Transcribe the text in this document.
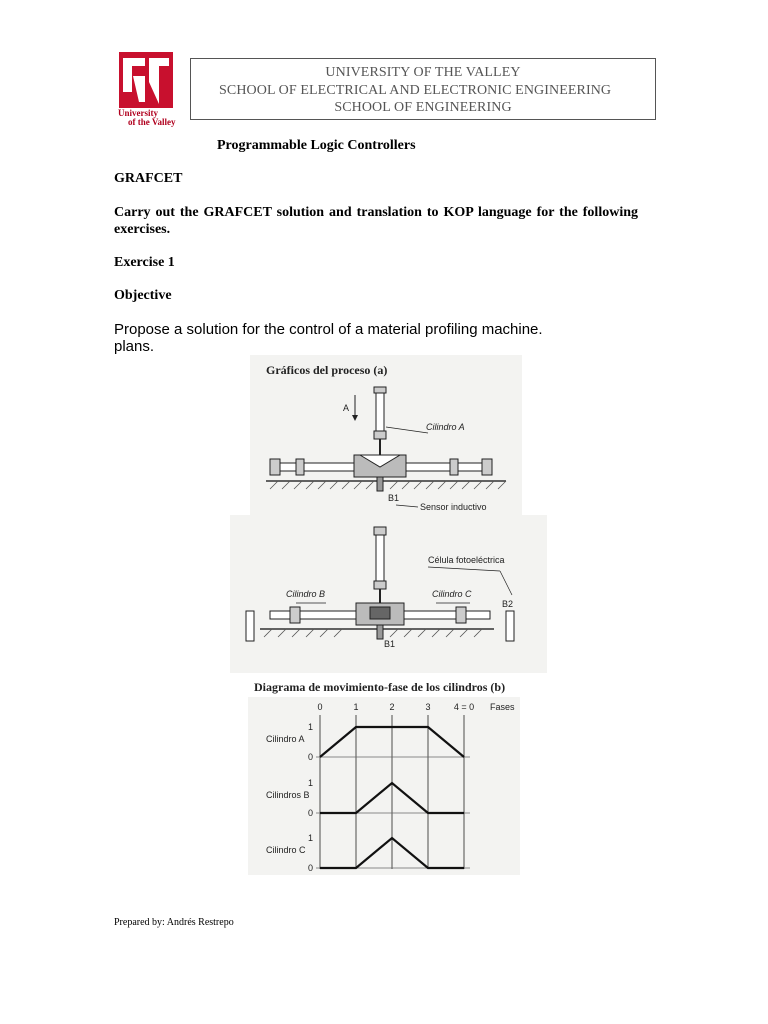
University
of the Valley
UNIVERSITY OF THE VALLEY
SCHOOL OF ELECTRICAL AND ELECTRONIC ENGINEERING
SCHOOL OF ENGINEERING
Programmable Logic Controllers
GRAFCET
Carry out the GRAFCET solution and translation to KOP language for the following exercises.
Exercise 1
Objective
Propose a solution for the control of a material profiling machine.
plans.
Gráficos del proceso (a)
A
Cilindro A
B1
Sensor inductivo
Célula fotoeléctrica
Cilindro B	Cilindro C
B2
B1
Diagrama de movimiento-fase de los cilindros (b)
0	1	2	3	4 = 0 Fases
Cilindro A
1
0
Cilindros B
1
0
Cilindro C
1
0
Prepared by: Andrés Restrepo
